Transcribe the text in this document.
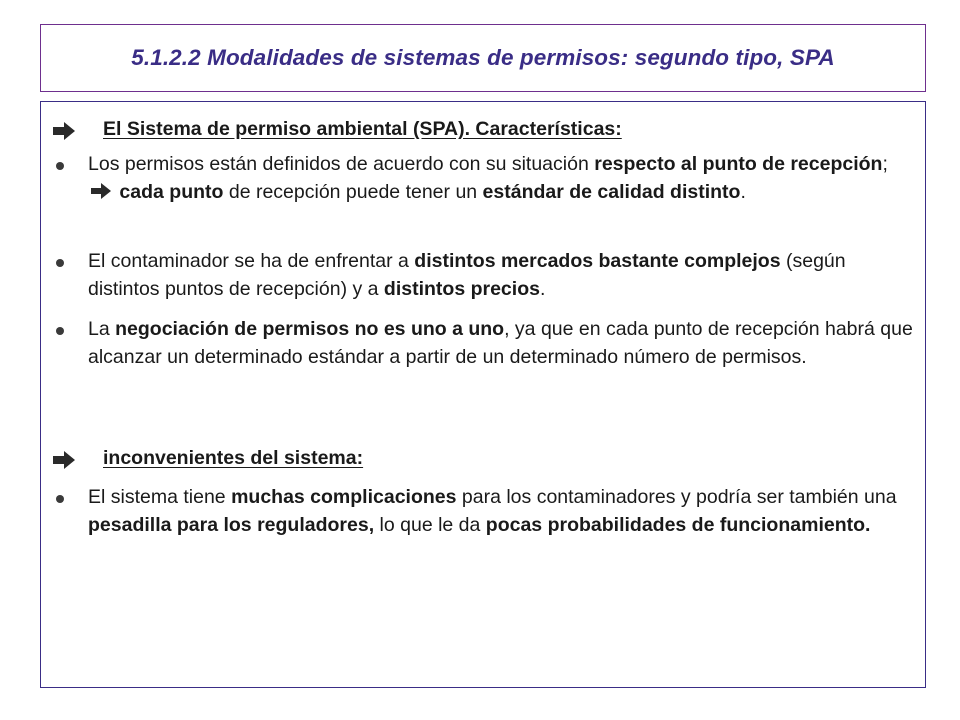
5.1.2.2 Modalidades de sistemas de permisos: segundo tipo, SPA
El Sistema de permiso ambiental (SPA). Características:
Los permisos están definidos de acuerdo con su situación respecto al punto de recepción;  cada punto de recepción puede tener un estándar de calidad distinto.
El contaminador se ha de enfrentar a distintos mercados bastante complejos (según distintos puntos de recepción) y a distintos precios.
La negociación de permisos no es uno a uno, ya que en cada punto de recepción habrá que alcanzar un determinado estándar a partir de un determinado número de permisos.
inconvenientes del sistema:
El sistema tiene muchas complicaciones para los contaminadores y podría ser también una pesadilla para los reguladores, lo que le da pocas probabilidades de funcionamiento.
